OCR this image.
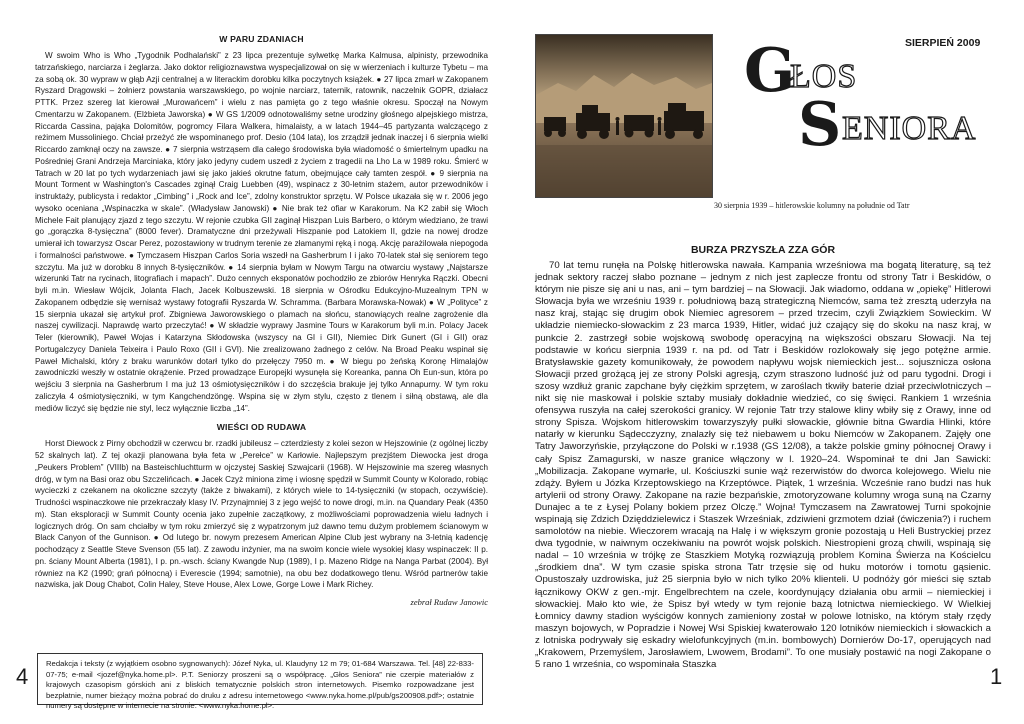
W PARU ZDANIACH

W swoim Who is Who „Tygodnik Podhalański” z 23 lipca prezentuje sylwetkę Marka Kalmusa, alpinisty, przewodnika tatrzańskiego, narciarza i żeglarza. Jako doktor religioznawstwa wyspecjalizował on się w wierzeniach i kulturze Tybetu – ma za sobą ok. 30 wypraw w głąb Azji centralnej a w literackim dorobku kilka poczytnych książek. ● 27 lipca zmarł w Zakopanem Ryszard Drągowski – żołnierz powstania warszawskiego, po wojnie narciarz, taternik, ratownik, naczelnik GOPR, działacz PTTK. Przez szereg lat kierował „Murowańcem” i wielu z nas pamięta go z tego właśnie okresu. Spoczął na Nowym Cmentarzu w Zakopanem. (Elżbieta Jaworska) ● W GS 1/2009 odnotowaliśmy setne urodziny głośnego alpejskiego mistrza, Riccarda Cassina, pająka Dolomitów, pogromcy Filara Walkera, himalaisty, a w latach 1944–45 partyzanta walczącego z reżimem Mussoliniego. Chciał przeżyć złe wspominanego prof. Desio (104 lata), los zrządził jednak inaczej i 6 sierpnia wielki Riccardo zamknął oczy na zawsze. ● 7 sierpnia wstrząsem dla całego środowiska była wiadomość o śmiertelnym upadku na Pośredniej Grani Andrzeja Marciniaka, który jako jedyny cudem uszedł z życiem z tragedii na Lho La w 1989 roku. Śmierć w Tatrach w 20 lat po tych wydarzeniach jawi się jako jakieś okrutne fatum, obejmujące cały tamten zespół. ● 9 sierpnia na Mount Torment w Washington's Cascades zginął Craig Luebben (49), wspinacz z 30-letnim stażem, autor przewodników i instruktaży, publicysta i redaktor „Cimbing” i „Rock and Ice”, zdolny konstruktor sprzętu. W Polsce ukazała się w r. 2006 jego wysoko oceniana „Wspinaczka w skale”. (Władysław Janowski) ● Nie brak też ofiar w Karakorum. Na K2 zabił się Włoch Michele Fait planujący zjazd z tego szczytu. W rejonie czubka GII zaginął Hiszpan Luis Barbero, o którym wiedziano, że trawi go „gorączka 8-tysięczna” (8000 fever). Dramatyczne dni przeżywali Hiszpanie pod Latokiem II, gdzie na nowej drodze umierał ich towarzysz Oscar Perez, pozostawiony w trudnym terenie ze złamanymi ręką i nogą. Akcję parażilowała niepogoda i formalności państwowe. ● Tymczasem Hiszpan Carlos Soria wszedł na Gasherbrum I i jako 70-latek stał się seniorem tego szczytu. Ma już w dorobku 8 innych 8-tysięczników. ● 14 sierpnia byłam w Nowym Targu na otwarciu wystawy „Najstarsze wizerunki Tatr na rycinach, litografiach i mapach”. Dużo cennych eksponatów pochodziło ze zbiorów Henryka Rączki. Obecni byli m.in. Wiesław Wójcik, Jolanta Flach, Jacek Kolbuszewski. 18 sierpnia w Ośrodku Edukcyjno-Muzealnym TPN w Zakopanem odbędzie się wernisaż wystawy fotografii Ryszarda W. Schramma. (Barbara Morawska-Nowak) ● W „Polityce” z 15 sierpnia ukazał się artykuł prof. Zbigniewa Jaworowskiego o plamach na słońcu, stanowiących realne zagrożenie dla naszej cywilizacji. Naprawdę warto przeczytać! ● W składzie wyprawy Jasmine Tours w Karakorum byli m.in. Polacy Jacek Teler (kierownik), Paweł Wojas i Katarzyna Skłodowska (wszyscy na GI i GII), Niemiec Dirk Gunert (GI i GII) oraz Portugalczycy Daniela Teixeira i Paulo Roxo (GII i GVI). Nie zrealizowano żadnego z celów. Na Broad Peaku wspinał się Paweł Michalski, który z braku warunków dotarł tylko do przełęczy 7950 m. ● W biegu po żeńską Koronę Himalajów zawodniczki weszły w ostatnie okrążenie. Przed prowadzące Europejki wysunęła się Koreanka, panna Oh Eun-sun, która po wejściu 3 sierpnia na Gasherbrum I ma już 13 ośmiotysięczników i do szczęścia brakuje jej tylko Annapurny. W tym roku zaliczyła 4 ośmiotysięczniki, w tym Kangchendzöngę. Wspina się w złym stylu, często z tlenem i siłną obstawą, ale dla mediów liczyć się będzie nie styl, lecz wyłącznie liczba „14”.

WIEŚCI OD RUDAWA

Horst Diewock z Pirny obchodził w czerwcu br. rzadki jubileusz – czterdziesty z kolei sezon w Hejszowinie (z ogólnej liczby 52 skalnych lat). Z tej okazji planowana była feta w „Perełce” w Karłowie. Najlepszym prezjśtem Diewocka jest droga „Peukers Problem” (VIIIb) na Basteischluchtturm w ojczystej Saskiej Szwajcarii (1968). W Hejszowinie ma szereg własnych dróg, w tym na Basi oraz obu Szczelińcach. ● Jacek Czyż miniona zimę i wiosnę spędził w Summit County w Kolorado, robiąc wycieczki z czekanem na okoliczne szczyty (także z biwakami), z których wiele to 14-tysięczniki (w stopach, oczywiście). Trudności wspinaczkowe nie przekraczały klasy IV. Przynajmniej 3 z jego wejść to nowe drogi, m.in. na Quandary Peak (4350 m). Stan eksploracji w Summit County ocenia jako zupełnie zaczątkowy, z możliwościami poprowadzenia wielu ładnych i logicznych dróg. On sam chciałby w tym roku zmierzyć się z wypatrzonym już dawno temu dużym problemem ścianowym w Black Canyon of the Gunnison. ● Od lutego br. nowym prezesem American Alpine Club jest wybrany na 3-letnią kadencję pochodzący z Seattle Steve Svenson (55 lat). Z zawodu inżynier, ma na swoim koncie wiele wysokiej klasy wspinaczek: II p. pn. ściany Mount Alberta (1981), I p. pn.-wsch. ściany Kwangde Nup (1989), I p. Mazeno Ridge na Nanga Parbat (2004). Był równiez na K2 (1990; grań północną) i Everescie (1994; samotnie), na obu bez dodatkowego tlenu. Wśród partnerów takie nazwiska, jak Doug Chabot, Colin Haley, Steve House, Alex Lowe, Gorge Lowe i Mark Richey.

zebrał Rudaw Janowic

Redakcja i teksty (z wyjątkiem osobno sygnowanych): Józef Nyka, ul. Klaudyny 12 m 79; 01-684 Warszawa. Tel. [48] 22-833-07-75; e-mail <jozef@nyka.home.pl>. P.T. Seniorzy proszeni są o współpracę. „Głos Seniora” nie czerpie materiałów z krajowych czasopism górskich ani z bliskich tematycznie polskich stron internetowych. Pisemko rozpowadzane jest bezpłatnie, numer bieżący można pobrać do druku z adresu internetowego <www.nyka.home.pl/pub/gs200908.pdf>; ostatnie numery są dostępne w internecie na stronie: <www.nyka.home.pl>.
4
SIERPIEŃ 2009
G
ŁOS
S ENIORA
30 sierpnia 1939 – hitlerowskie kolumny na południe od Tatr
BURZA PRZYSZŁA ZZA GÓR

70 lat temu runęła na Polskę hitlerowska nawała. Kampania wrześniowa ma bogatą literaturę, są też jednak sektory raczej słabo poznane – jednym z nich jest zaplecze frontu od strony Tatr i Beskidów, o którym nie pisze się ani u nas, ani – tym bardziej – na Słowacji. Jak wiadomo, oddana w „opiekę” Hitlerowi Słowacja była we wrześniu 1939 r. południową bazą strategiczną Niemców, sama też zresztą uderzyła na nasz kraj, stając się drugim obok Niemiec agresorem – przed trzecim, czyli Związkiem Sowieckim. W układzie niemiecko-słowackim z 23 marca 1939, Hitler, widać już czający się do skoku na nasz kraj, w punkcie 2. zastrzegł sobie wojskową swobodę operacyjną na większości obszaru Słowacji. Na tej podstawie w końcu sierpnia 1939 r. na pd. od Tatr i Beskidów rozlokowały się jego potężne armie. Bratysławskie gazety komunikowały, że powodem napływu wojsk niemieckich jest... sojusznicza osłona Słowacji przed grożącą jej ze strony Polski agresją, czym straszono ludność już od paru tygodni. Drogi i szosy wzdłuż granic zapchane były ciężkim sprzętem, w zaroślach tkwiły baterie dział przeciwlotniczych – nikt się nie maskował i polskie sztaby musiały dokładnie wiedzieć, co się święci. Rankiem 1 września ofensywa ruszyła na całej szerokości granicy. W rejonie Tatr trzy stalowe kliny wbiły się z Orawy, inne od strony Spisza. Wojskom hitlerowskim towarzyszyły pułki słowackie, głównie bitna Gwardia Hlinki, którе natarły w kierunku Sądecczyzny, znalazły się też niebawem u boku Niemców w Zakopanem. Zajęły one Tatry Jaworzyńskie, przyłączone do Polski w r.1938 (GS 12/08), a także polskie gminy północnej Orawy i cały Spisz Zamagurski, w nasze granice włączony w l. 1920–24. Wspominał te dni Jan Sawicki: „Mobilizacja. Zakopane wymarłe, ul. Kościuszki sunie wąż rezerwistów do dworca kolejowego. Wielu nie zdąży. Byłem u Józka Krzeptowskiego na Krzeptówce. Piątek, 1 września. Wcześnie rano budzi nas huk artylerii od strony Orawy. Zakopane na razie bezpańskie, zmotoryzowane kolumny wroga suną na Czarny Dunajec a te z Łysej Polany bokiem przez Olczę.” Wojna! Tymczasem na Zawratowej Turni spokojnie wspinają się Zdzich Dzięddzielewicz i Staszek Wrześniak, zdziwieni grzmotem dział (ćwiczenia?) i ruchem samolotów na niebie. Wieczorem wracają na Halę i w większym gronie pozostają u Heli Bustryckiej przez dwa tygodnie, w naiwnym oczekiwaniu na powrót wojsk polskich. Niestropieni grozą chwili, wspinają się nadal – 10 września w trójkę ze Staszkiem Motyką rozwiązują problem Komina Świerza na Kościelcu „środkiem dna”. W tym czasie spiska strona Tatr trzęsie się od huku motorów i tomotu gąsienic. Opustoszały uzdrowiska, już 25 sierpnia było w nich tylko 20% klienteli. U podnóży gór mieści się sztab łącznikowy OKW z gen.-mjr. Engelbrechtem na czele, koordynujący działania obu armii – niemieckiej i słowackiej. Mało kto wie, że Spisz był wtedy w tym rejonie bazą lotnictwa niemieckiego. W Wielkiej Łomnicy dawny stadion wyścigów konnych zamieniony został w polowe lotnisko, na którym stały rzędy maszyn bojowych, w Popradzie i Nowej Wsi Spiskiej kwaterowało 120 lotników niemieckich i słowackich a z lotniska podrywały się eskadry wielofunkcyjnych (m.in. bombowych) Dornierów Do-17, operujących nad „Krakowem, Przemyślem, Jarosławiem, Lwowem, Brodami”. To one musiały postawić na nogi Zakopane o 5 rano 1 września, co wspominała Staszka	1
